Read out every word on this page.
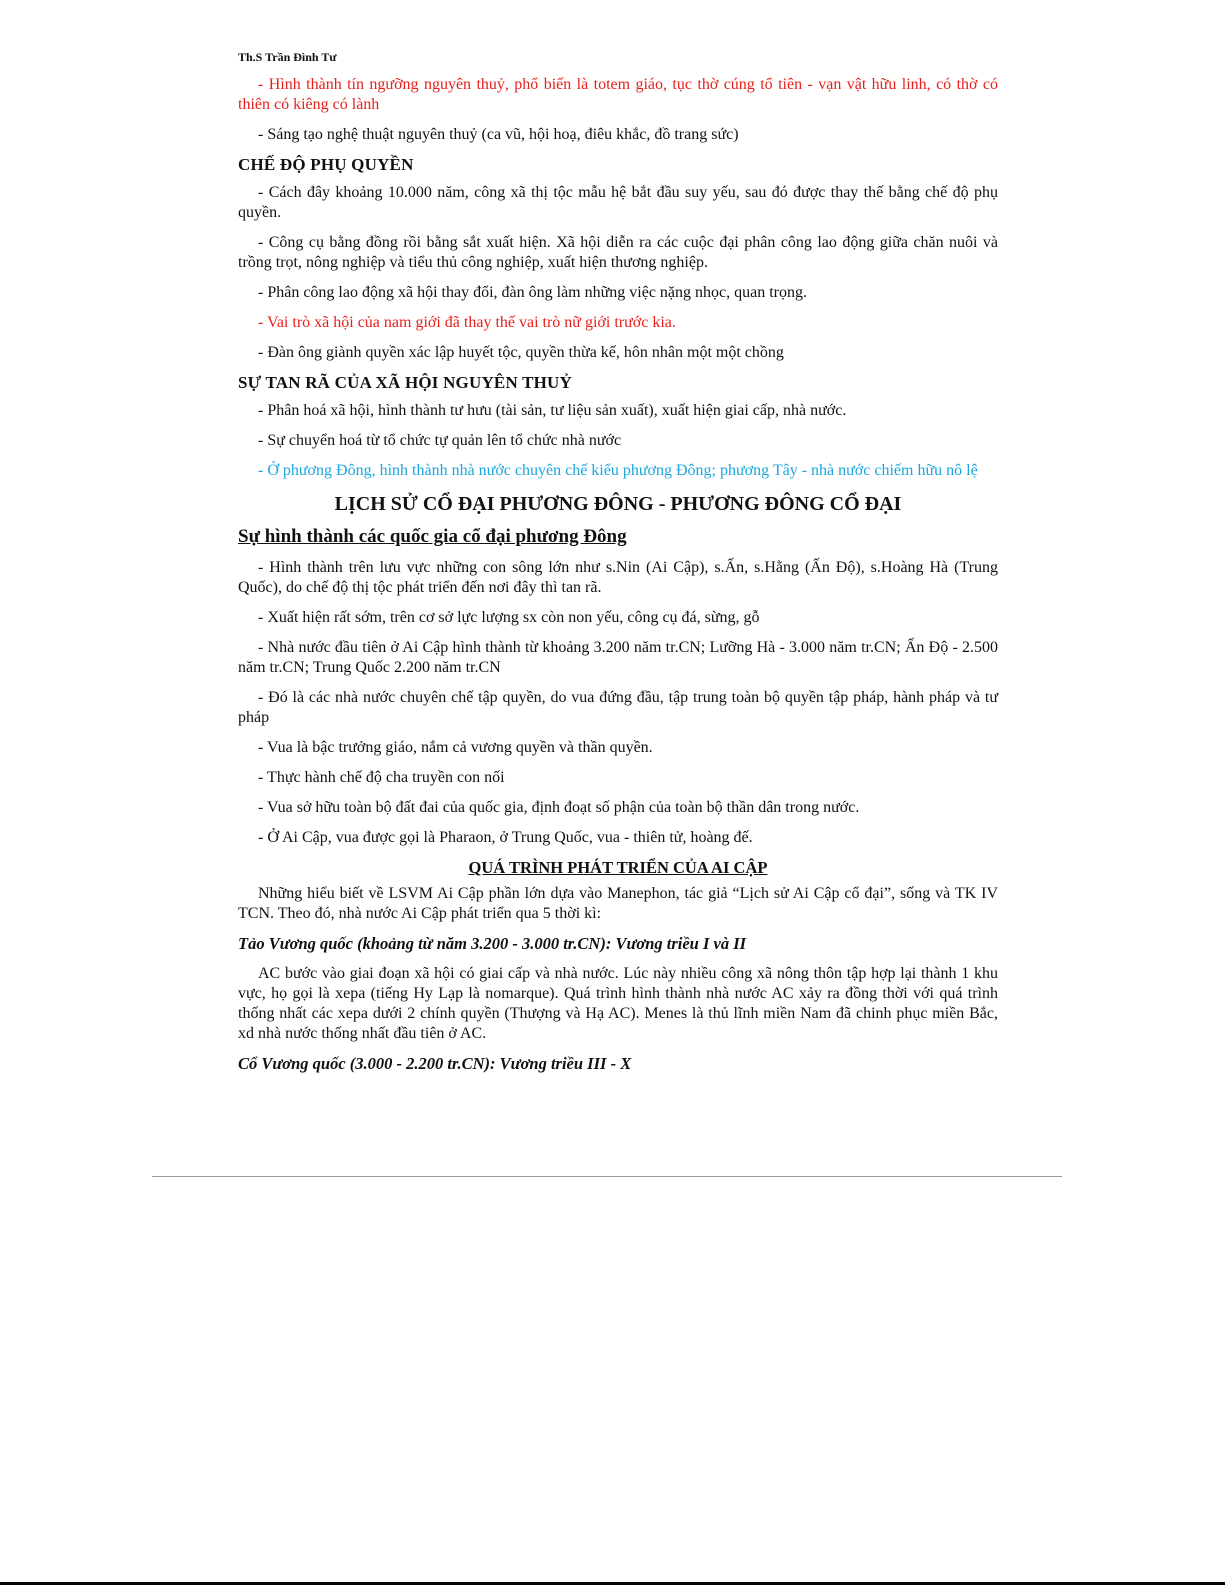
Th.S Trần Đình Tư

- Hình thành tín ngưỡng nguyên thuỷ, phổ biến là totem giáo, tục thờ cúng tổ tiên - vạn vật hữu linh, có thờ có thiên có kiêng có lành

- Sáng tạo nghệ thuật nguyên thuỷ (ca vũ, hội hoạ, điêu khắc, đồ trang sức)

CHẾ ĐỘ PHỤ QUYỀN

- Cách đây khoảng 10.000 năm, công xã thị tộc mẫu hệ bắt đầu suy yếu, sau đó được thay thế bằng chế độ phụ quyền.

- Công cụ bằng đồng rồi bằng sắt xuất hiện. Xã hội diễn ra các cuộc đại phân công lao động giữa chăn nuôi và trồng trọt, nông nghiệp và tiểu thủ công nghiệp, xuất hiện thương nghiệp.

- Phân công lao động xã hội thay đổi, đàn ông làm những việc nặng nhọc, quan trọng.

- Vai trò xã hội của nam giới đã thay thế vai trò nữ giới trước kia.

- Đàn ông giành quyền xác lập huyết tộc, quyền thừa kế, hôn nhân một một chồng

SỰ TAN RÃ CỦA XÃ HỘI NGUYÊN THUỶ

- Phân hoá xã hội, hình thành tư hưu (tài sản, tư liệu sản xuất), xuất hiện giai cấp, nhà nước.

- Sự chuyển hoá từ tổ chức tự quản lên tổ chức nhà nước

- Ở phương Đông, hình thành nhà nước chuyên chế kiểu phương Đông; phương Tây - nhà nước chiếm hữu nô lệ

LỊCH SỬ CỔ ĐẠI PHƯƠNG ĐÔNG - PHƯƠNG ĐÔNG CỔ ĐẠI
Sự hình thành các quốc gia cổ đại phương Đông

- Hình thành trên lưu vực những con sông lớn như s.Nin (Ai Cập), s.Ấn, s.Hằng (Ấn Độ), s.Hoàng Hà (Trung Quốc), do chế độ thị tộc phát triển đến nơi đây thì tan rã.

- Xuất hiện rất sớm, trên cơ sở lực lượng sx còn non yếu, công cụ đá, sừng, gỗ

- Nhà nước đầu tiên ở Ai Cập hình thành từ khoảng 3.200 năm tr.CN; Lưỡng Hà - 3.000 năm tr.CN; Ấn Độ - 2.500 năm tr.CN; Trung Quốc 2.200 năm tr.CN

- Đó là các nhà nước chuyên chế tập quyền, do vua đứng đầu, tập trung toàn bộ quyền tập pháp, hành pháp và tư pháp

- Vua là bậc trưởng giáo, nắm cả vương quyền và thần quyền.

- Thực hành chế độ cha truyền con nối

- Vua sở hữu toàn bộ đất đai của quốc gia, định đoạt số phận của toàn bộ thần dân trong nước.

- Ở Ai Cập, vua được gọi là Pharaon, ở Trung Quốc, vua - thiên tử, hoàng đế.

QUÁ TRÌNH PHÁT TRIỂN CỦA AI CẬP

Những hiểu biết về LSVM Ai Cập phần lớn dựa vào Manephon, tác giả “Lịch sử Ai Cập cổ đại”, sống và TK IV TCN. Theo đó, nhà nước Ai Cập phát triển qua 5 thời kì:

Tảo Vương quốc (khoảng từ năm 3.200 - 3.000 tr.CN): Vương triều I và II

AC bước vào giai đoạn xã hội có giai cấp và nhà nước. Lúc này nhiều công xã nông thôn tập hợp lại thành 1 khu vực, họ gọi là xepa (tiếng Hy Lạp là nomarque). Quá trình hình thành nhà nước AC xảy ra đồng thời với quá trình thống nhất các xepa dưới 2 chính quyền (Thượng và Hạ AC). Menes là thủ lĩnh miền Nam đã chinh phục miền Bắc, xd nhà nước thống nhất đầu tiên ở AC.

Cổ Vương quốc (3.000 - 2.200 tr.CN): Vương triều III - X
